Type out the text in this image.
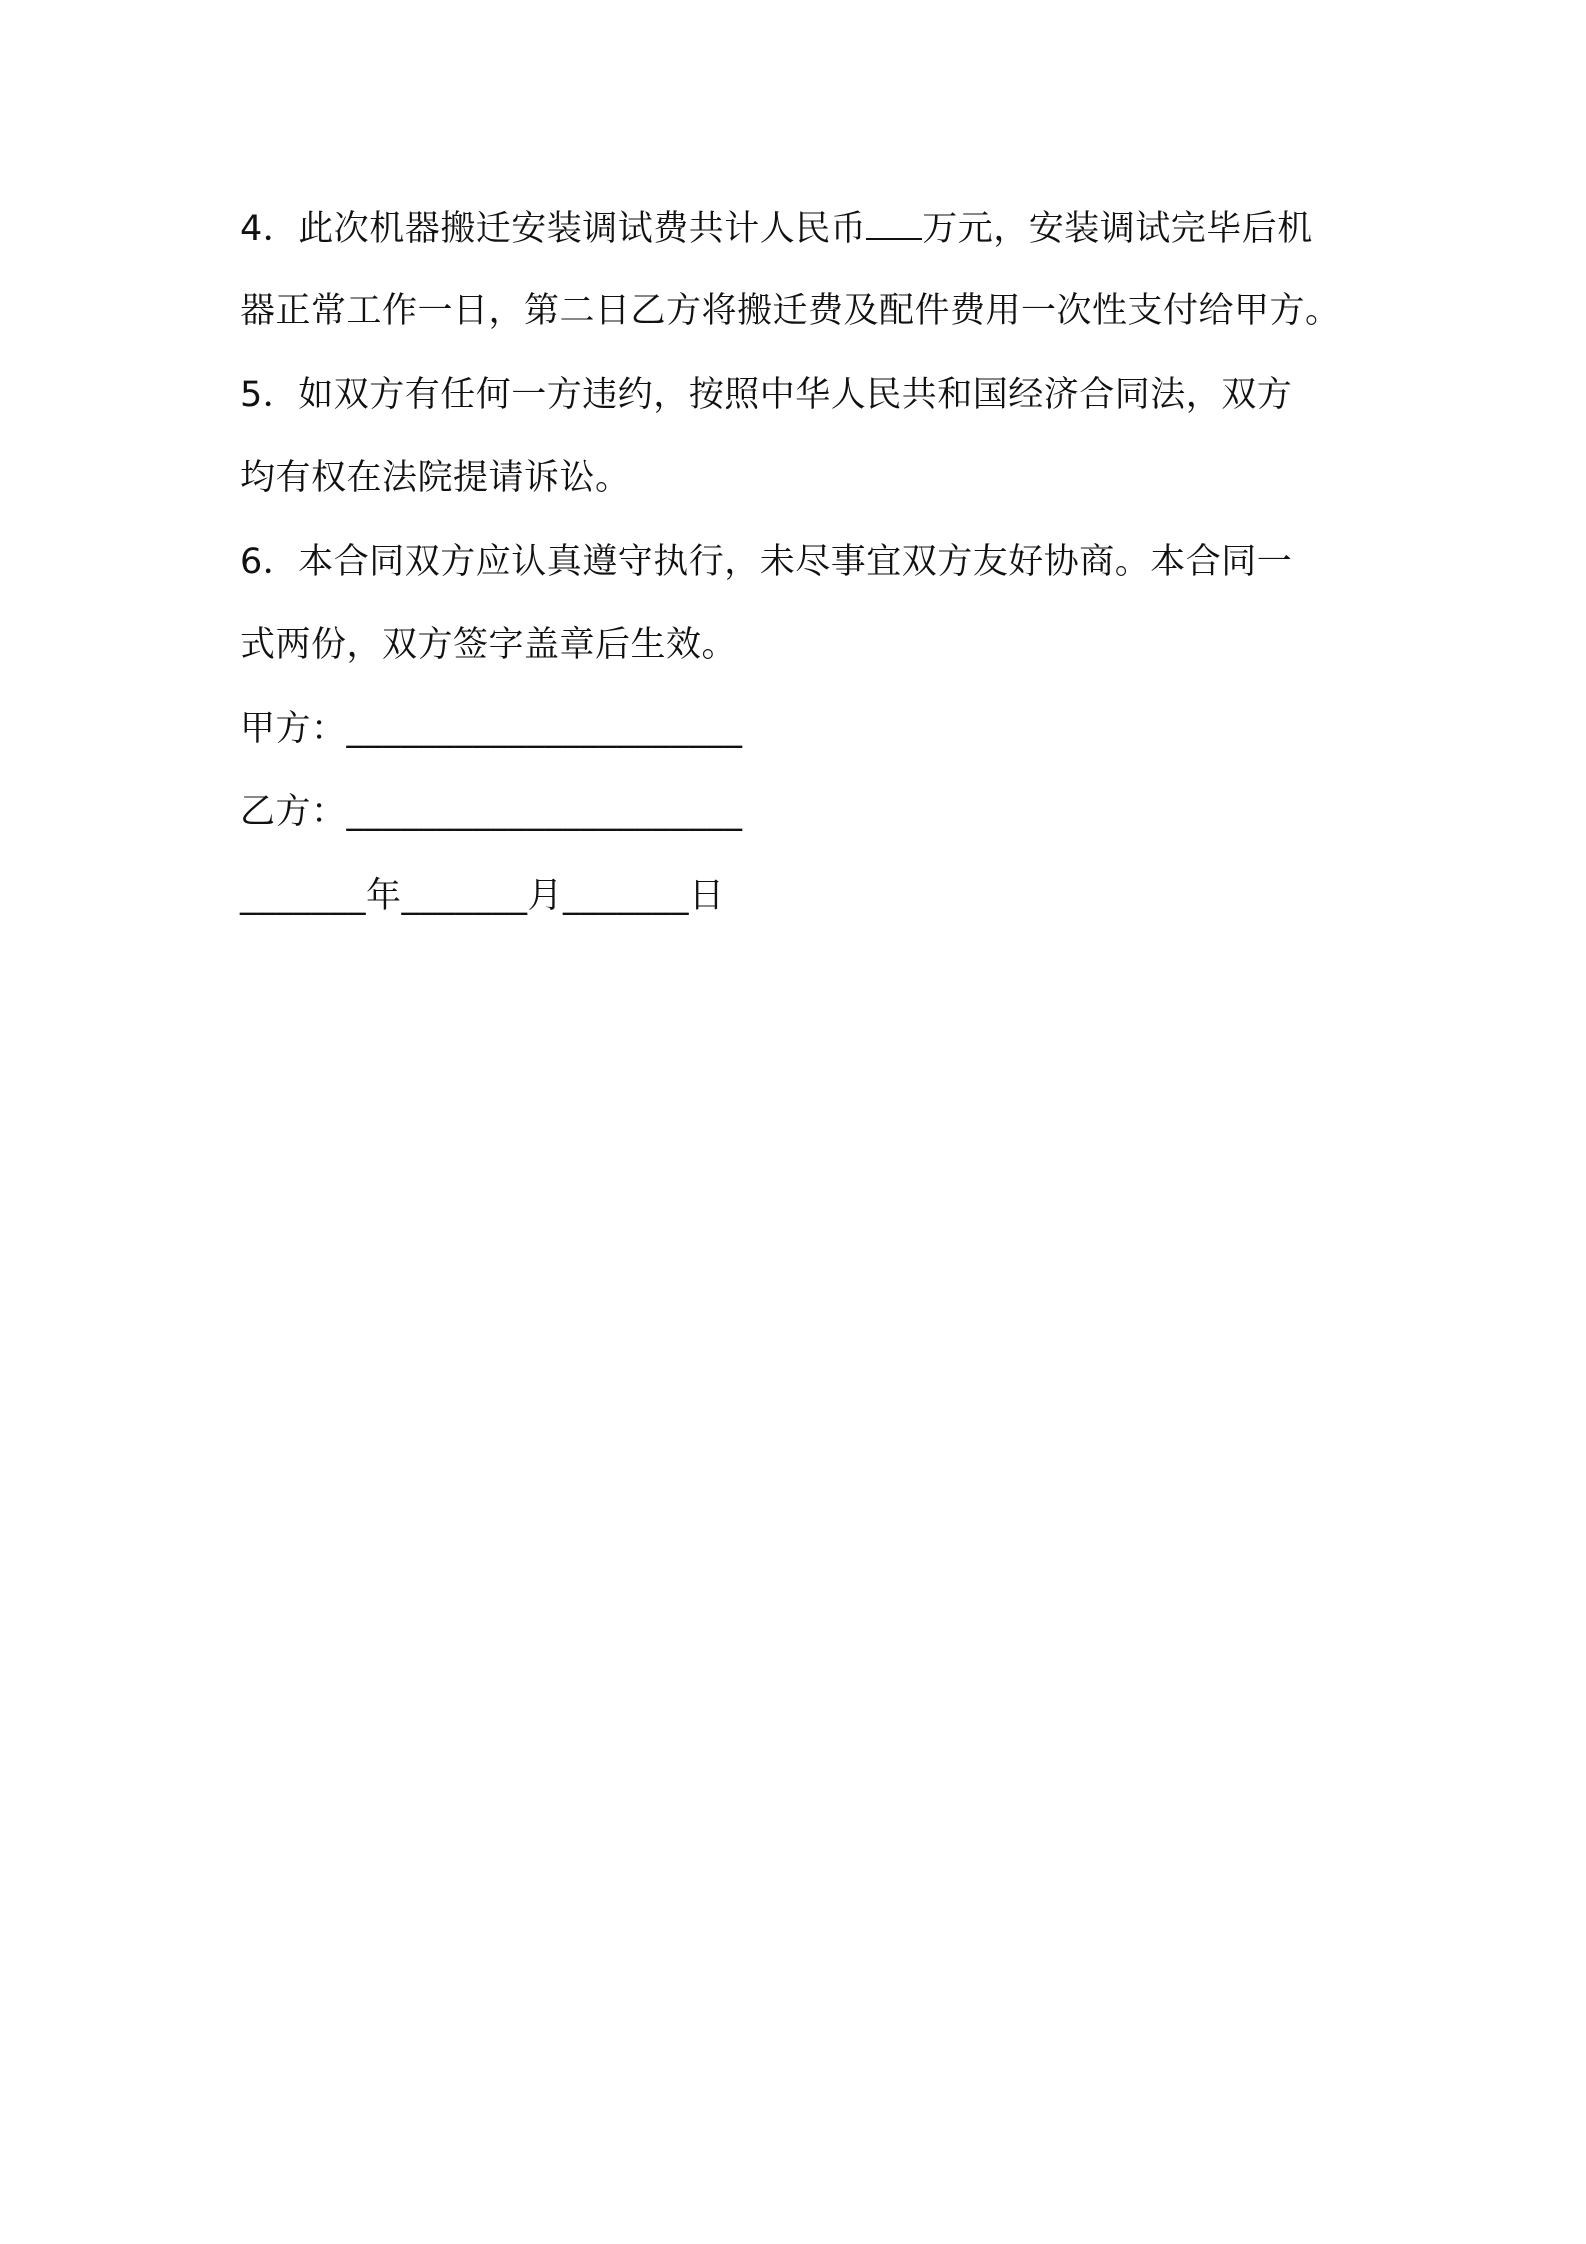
4．此次机器搬迁安装调试费共计人民币 万元，安装调试完毕后机
器正常工作一日，第二日乙方将搬迁费及配件费用一次性支付给甲方。
5．如双方有任何一方违约，按照中华人民共和国经济合同法，双方
均有权在法院提请诉讼。
6．本合同双方应认真遵守执行，未尽事宜双方友好协商。本合同一
式两份，双方签字盖章后生效。
甲方：______________________
乙方：______________________
_______年_______月_______日
